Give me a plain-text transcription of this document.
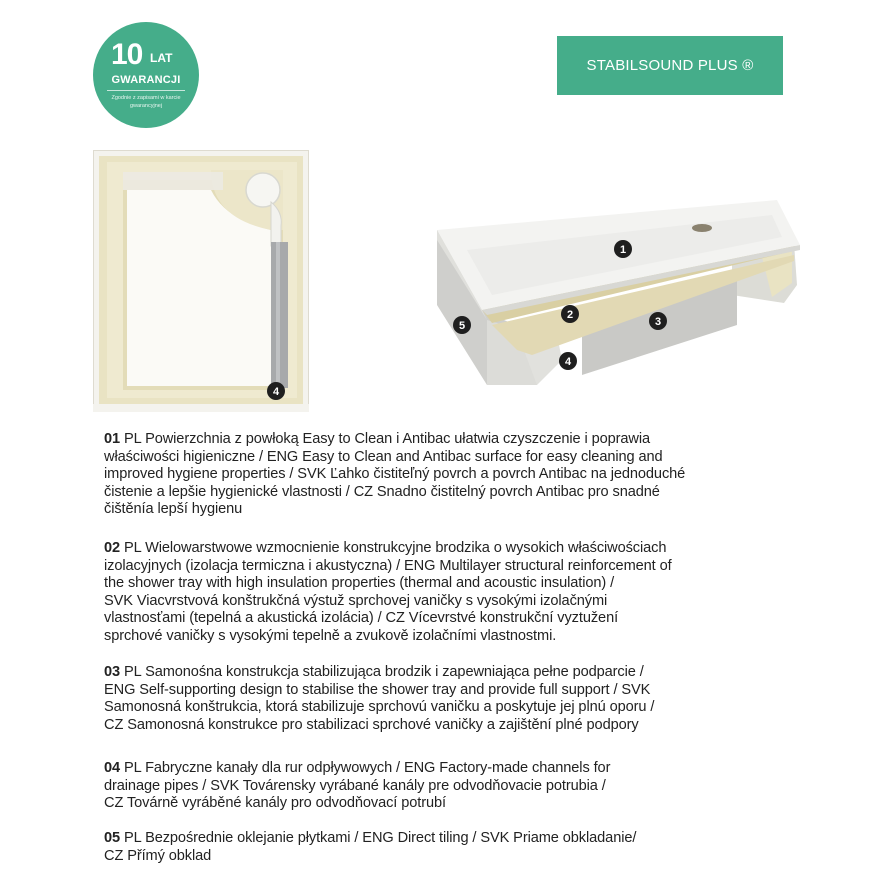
10 LAT
GWARANCJI
Zgodnie z zapisami w karcie
gwarancyjnej
STABILSOUND PLUS ®
4
1
2
3
4
5
01 PL Powierzchnia z powłoką Easy to Clean i Antibac ułatwia czyszczenie i poprawia
właściwości higieniczne / ENG Easy to Clean and Antibac surface for easy cleaning and
improved hygiene properties / SVK Ľahko čistiteľný povrch a povrch Antibac na jednoduché
čistenie a lepšie hygienické vlastnosti / CZ Snadno čistitelný povrch Antibac pro snadné
čištěnía lepší hygienu
02 PL Wielowarstwowe wzmocnienie konstrukcyjne brodzika o wysokich właściwościach
izolacyjnych (izolacja termiczna i akustyczna) / ENG Multilayer structural reinforcement of
the shower tray with high insulation properties (thermal and acoustic insulation) /
SVK Viacvrstvová konštrukčná výstuž sprchovej vaničky s vysokými izolačnými
vlastnosťami (tepelná a akustická izolácia) / CZ Vícevrstvé konstrukční vyztužení
sprchové vaničky s vysokými tepelně a zvukově izolačními vlastnostmi.
03 PL Samonośna konstrukcja stabilizująca brodzik i zapewniająca pełne podparcie /
ENG Self-supporting design to stabilise the shower tray and provide full support / SVK
Samonosná konštrukcia, ktorá stabilizuje sprchovú vaničku a poskytuje jej plnú oporu /
CZ Samonosná konstrukce pro stabilizaci sprchové vaničky a zajištění plné podpory
04 PL Fabryczne kanały dla rur odpływowych / ENG Factory-made channels for
drainage pipes / SVK Továrensky vyrábané kanály pre odvodňovacie potrubia /
CZ Továrně vyráběné kanály pro odvodňovací potrubí
05 PL Bezpośrednie oklejanie płytkami / ENG Direct tiling / SVK Priame obkladanie/
CZ Přímý obklad
